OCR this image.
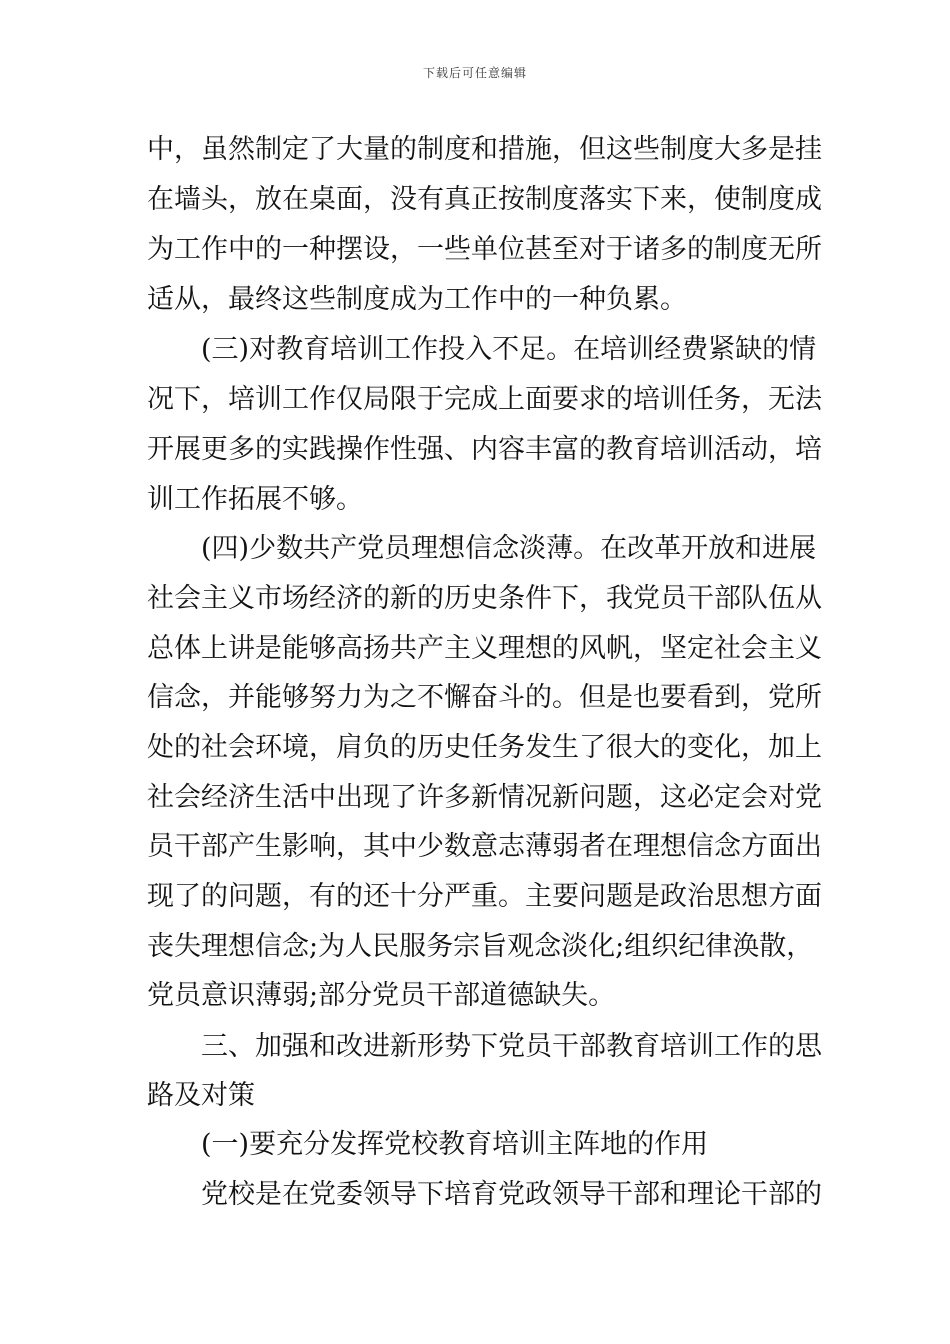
下载后可任意编辑
中，虽然制定了大量的制度和措施，但这些制度大多是挂
在墙头，放在桌面，没有真正按制度落实下来，使制度成
为工作中的一种摆设，一些单位甚至对于诸多的制度无所
适从，最终这些制度成为工作中的一种负累。
(三)对教育培训工作投入不足。在培训经费紧缺的情
况下，培训工作仅局限于完成上面要求的培训任务，无法
开展更多的实践操作性强、内容丰富的教育培训活动，培
训工作拓展不够。
(四)少数共产党员理想信念淡薄。在改革开放和进展
社会主义市场经济的新的历史条件下，我党员干部队伍从
总体上讲是能够高扬共产主义理想的风帆，坚定社会主义
信念，并能够努力为之不懈奋斗的。但是也要看到，党所
处的社会环境，肩负的历史任务发生了很大的变化，加上
社会经济生活中出现了许多新情况新问题，这必定会对党
员干部产生影响，其中少数意志薄弱者在理想信念方面出
现了的问题，有的还十分严重。主要问题是政治思想方面
丧失理想信念;为人民服务宗旨观念淡化;组织纪律涣散，
党员意识薄弱;部分党员干部道德缺失。
三、加强和改进新形势下党员干部教育培训工作的思
路及对策
(一)要充分发挥党校教育培训主阵地的作用
党校是在党委领导下培育党政领导干部和理论干部的
